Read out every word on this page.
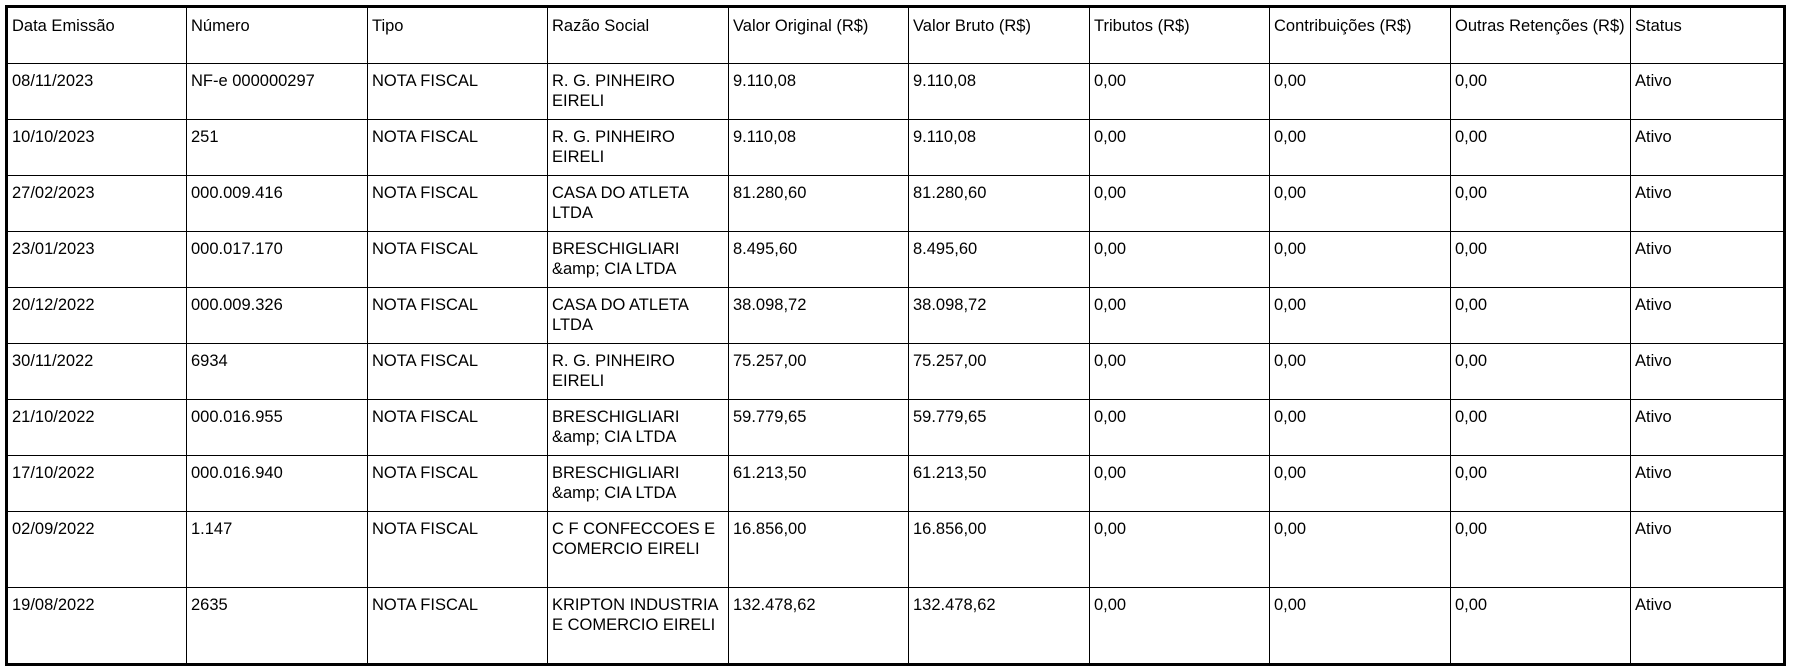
Data Emissão	Número	Tipo	Razão Social	Valor Original (R$)	Valor Bruto (R$)	Tributos (R$)	Contribuições (R$)	Outras Retenções (R$)	Status
08/11/2023	NF-e 000000297	NOTA FISCAL	R. G. PINHEIRO EIRELI	9.110,08	9.110,08	0,00	0,00	0,00	Ativo
10/10/2023	251	NOTA FISCAL	R. G. PINHEIRO EIRELI	9.110,08	9.110,08	0,00	0,00	0,00	Ativo
27/02/2023	000.009.416	NOTA FISCAL	CASA DO ATLETA LTDA	81.280,60	81.280,60	0,00	0,00	0,00	Ativo
23/01/2023	000.017.170	NOTA FISCAL	BRESCHIGLIARI &amp; CIA LTDA	8.495,60	8.495,60	0,00	0,00	0,00	Ativo
20/12/2022	000.009.326	NOTA FISCAL	CASA DO ATLETA LTDA	38.098,72	38.098,72	0,00	0,00	0,00	Ativo
30/11/2022	6934	NOTA FISCAL	R. G. PINHEIRO EIRELI	75.257,00	75.257,00	0,00	0,00	0,00	Ativo
21/10/2022	000.016.955	NOTA FISCAL	BRESCHIGLIARI &amp; CIA LTDA	59.779,65	59.779,65	0,00	0,00	0,00	Ativo
17/10/2022	000.016.940	NOTA FISCAL	BRESCHIGLIARI &amp; CIA LTDA	61.213,50	61.213,50	0,00	0,00	0,00	Ativo
02/09/2022	1.147	NOTA FISCAL	C F CONFECCOES E COMERCIO EIRELI	16.856,00	16.856,00	0,00	0,00	0,00	Ativo
19/08/2022	2635	NOTA FISCAL	KRIPTON INDUSTRIA E COMERCIO EIRELI	132.478,62	132.478,62	0,00	0,00	0,00	Ativo
